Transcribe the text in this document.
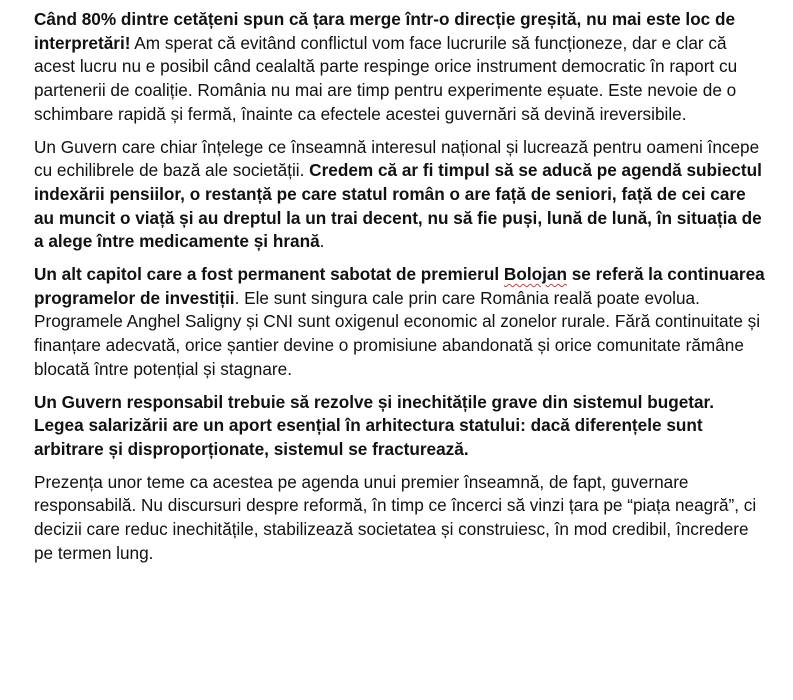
Când 80% dintre cetățeni spun că țara merge într-o direcție greșită, nu mai este loc de interpretări! Am sperat că evitând conflictul vom face lucrurile să funcționeze, dar e clar că acest lucru nu e posibil când cealaltă parte respinge orice instrument democratic în raport cu partenerii de coaliție. România nu mai are timp pentru experimente eșuate. Este nevoie de o schimbare rapidă și fermă, înainte ca efectele acestei guvernări să devină ireversibile.

Un Guvern care chiar înțelege ce înseamnă interesul național și lucrează pentru oameni începe cu echilibrele de bază ale societății. Credem că ar fi timpul să se aducă pe agendă subiectul indexării pensiilor, o restanță pe care statul român o are față de seniori, față de cei care au muncit o viață și au dreptul la un trai decent, nu să fie puși, lună de lună, în situația de a alege între medicamente și hrană.

Un alt capitol care a fost permanent sabotat de premierul Bolojan se referă la continuarea programelor de investiții. Ele sunt singura cale prin care România reală poate evolua. Programele Anghel Saligny și CNI sunt oxigenul economic al zonelor rurale. Fără continuitate și finanțare adecvată, orice șantier devine o promisiune abandonată și orice comunitate rămâne blocată între potențial și stagnare.

Un Guvern responsabil trebuie să rezolve și inechitățile grave din sistemul bugetar. Legea salarizării are un aport esențial în arhitectura statului: dacă diferențele sunt arbitrare și disproporționate, sistemul se fracturează.

Prezența unor teme ca acestea pe agenda unui premier înseamnă, de fapt, guvernare responsabilă. Nu discursuri despre reformă, în timp ce încerci să vinzi țara pe “piața neagră”, ci decizii care reduc inechitățile, stabilizează societatea și construiesc, în mod credibil, încredere pe termen lung.
